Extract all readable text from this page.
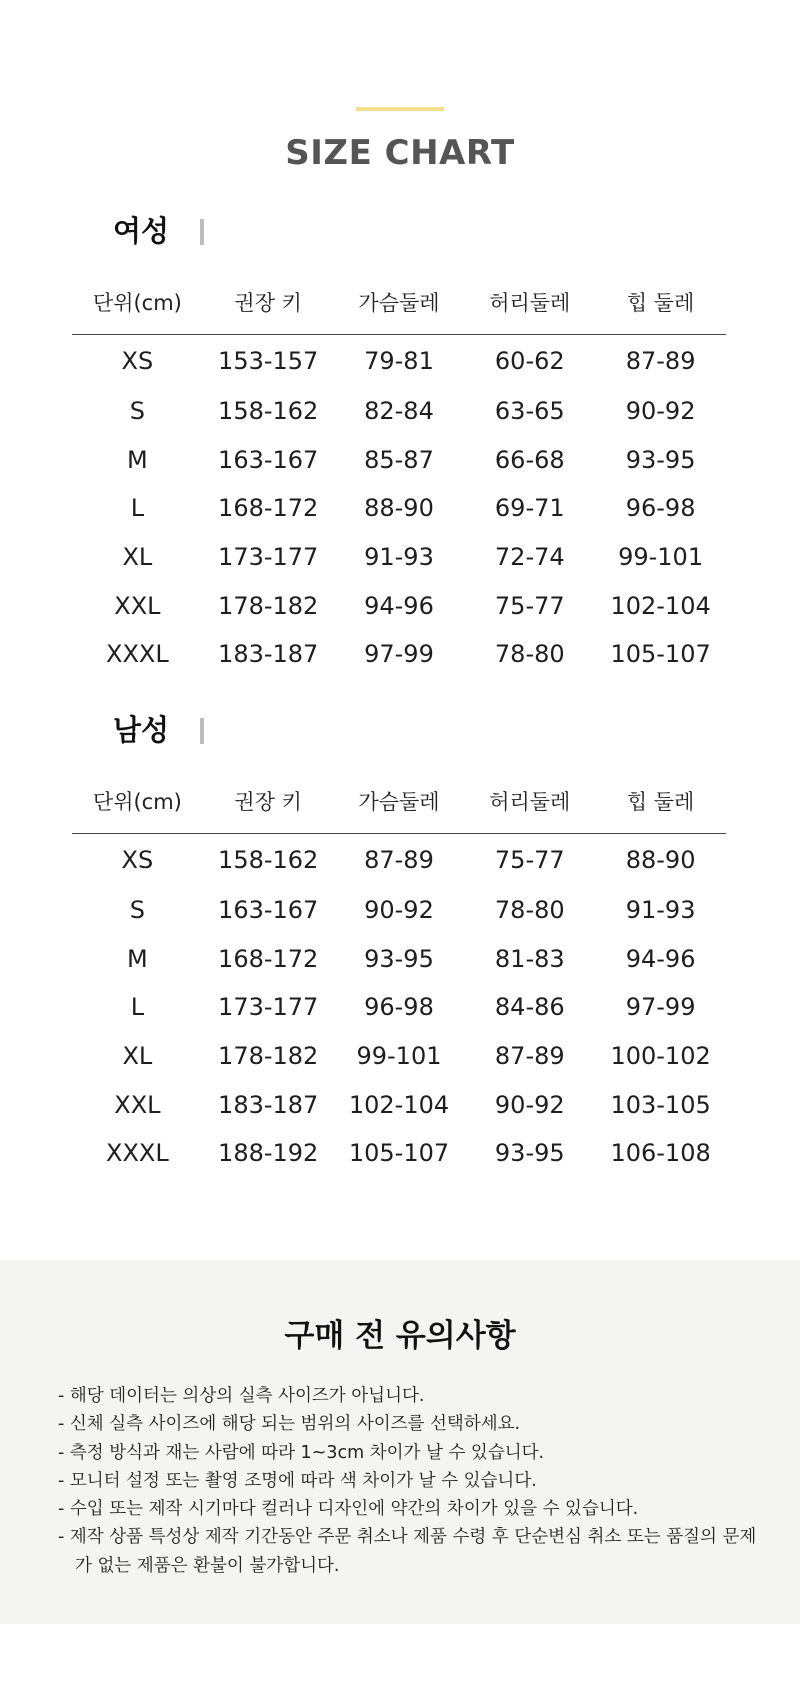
SIZE CHART
여성
단위(cm)	권장 키	가슴둘레	허리둘레	힙 둘레
XS	153-157	79-81	60-62	87-89
S	158-162	82-84	63-65	90-92
M	163-167	85-87	66-68	93-95
L	168-172	88-90	69-71	96-98
XL	173-177	91-93	72-74	99-101
XXL	178-182	94-96	75-77	102-104
XXXL	183-187	97-99	78-80	105-107
남성
단위(cm)	권장 키	가슴둘레	허리둘레	힙 둘레
XS	158-162	87-89	75-77	88-90
S	163-167	90-92	78-80	91-93
M	168-172	93-95	81-83	94-96
L	173-177	96-98	84-86	97-99
XL	178-182	99-101	87-89	100-102
XXL	183-187	102-104	90-92	103-105
XXXL	188-192	105-107	93-95	106-108
구매 전 유의사항
- 해당 데이터는 의상의 실측 사이즈가 아닙니다.
- 신체 실측 사이즈에 해당 되는 범위의 사이즈를 선택하세요.
- 측정 방식과 재는 사람에 따라 1~3cm 차이가 날 수 있습니다.
- 모니터 설정 또는 촬영 조명에 따라 색 차이가 날 수 있습니다.
- 수입 또는 제작 시기마다 컬러나 디자인에 약간의 차이가 있을 수 있습니다.
- 제작 상품 특성상 제작 기간동안 주문 취소나 제품 수령 후 단순변심 취소 또는 품질의 문제가 없는 제품은 환불이 불가합니다.
